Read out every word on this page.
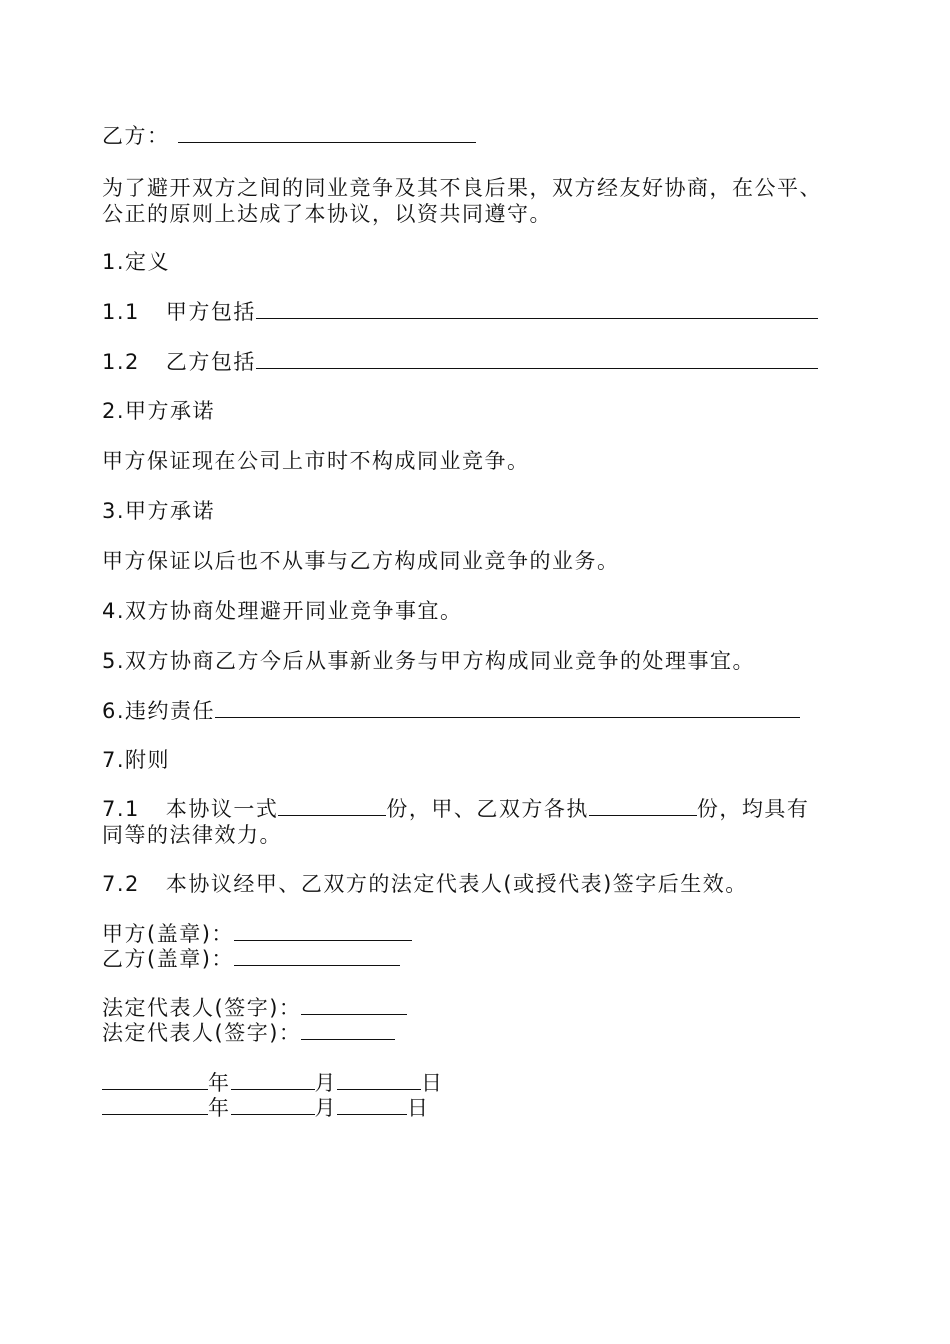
乙方：
为了避开双方之间的同业竞争及其不良后果，双方经友好协商，在公平、
公正的原则上达成了本协议，以资共同遵守。
1.定义
1.1 甲方包括
1.2 乙方包括
2.甲方承诺
甲方保证现在公司上市时不构成同业竞争。
3.甲方承诺
甲方保证以后也不从事与乙方构成同业竞争的业务。
4.双方协商处理避开同业竞争事宜。
5.双方协商乙方今后从事新业务与甲方构成同业竞争的处理事宜。
6.违约责任
7.附则
7.1 本协议一式	份，甲、乙双方各执	份，均具有
同等的法律效力。
7.2 本协议经甲、乙双方的法定代表人(或授代表)签字后生效。
甲方(盖章)：
乙方(盖章)：
法定代表人(签字)：
法定代表人(签字)：
年	月	日
年	月	日
